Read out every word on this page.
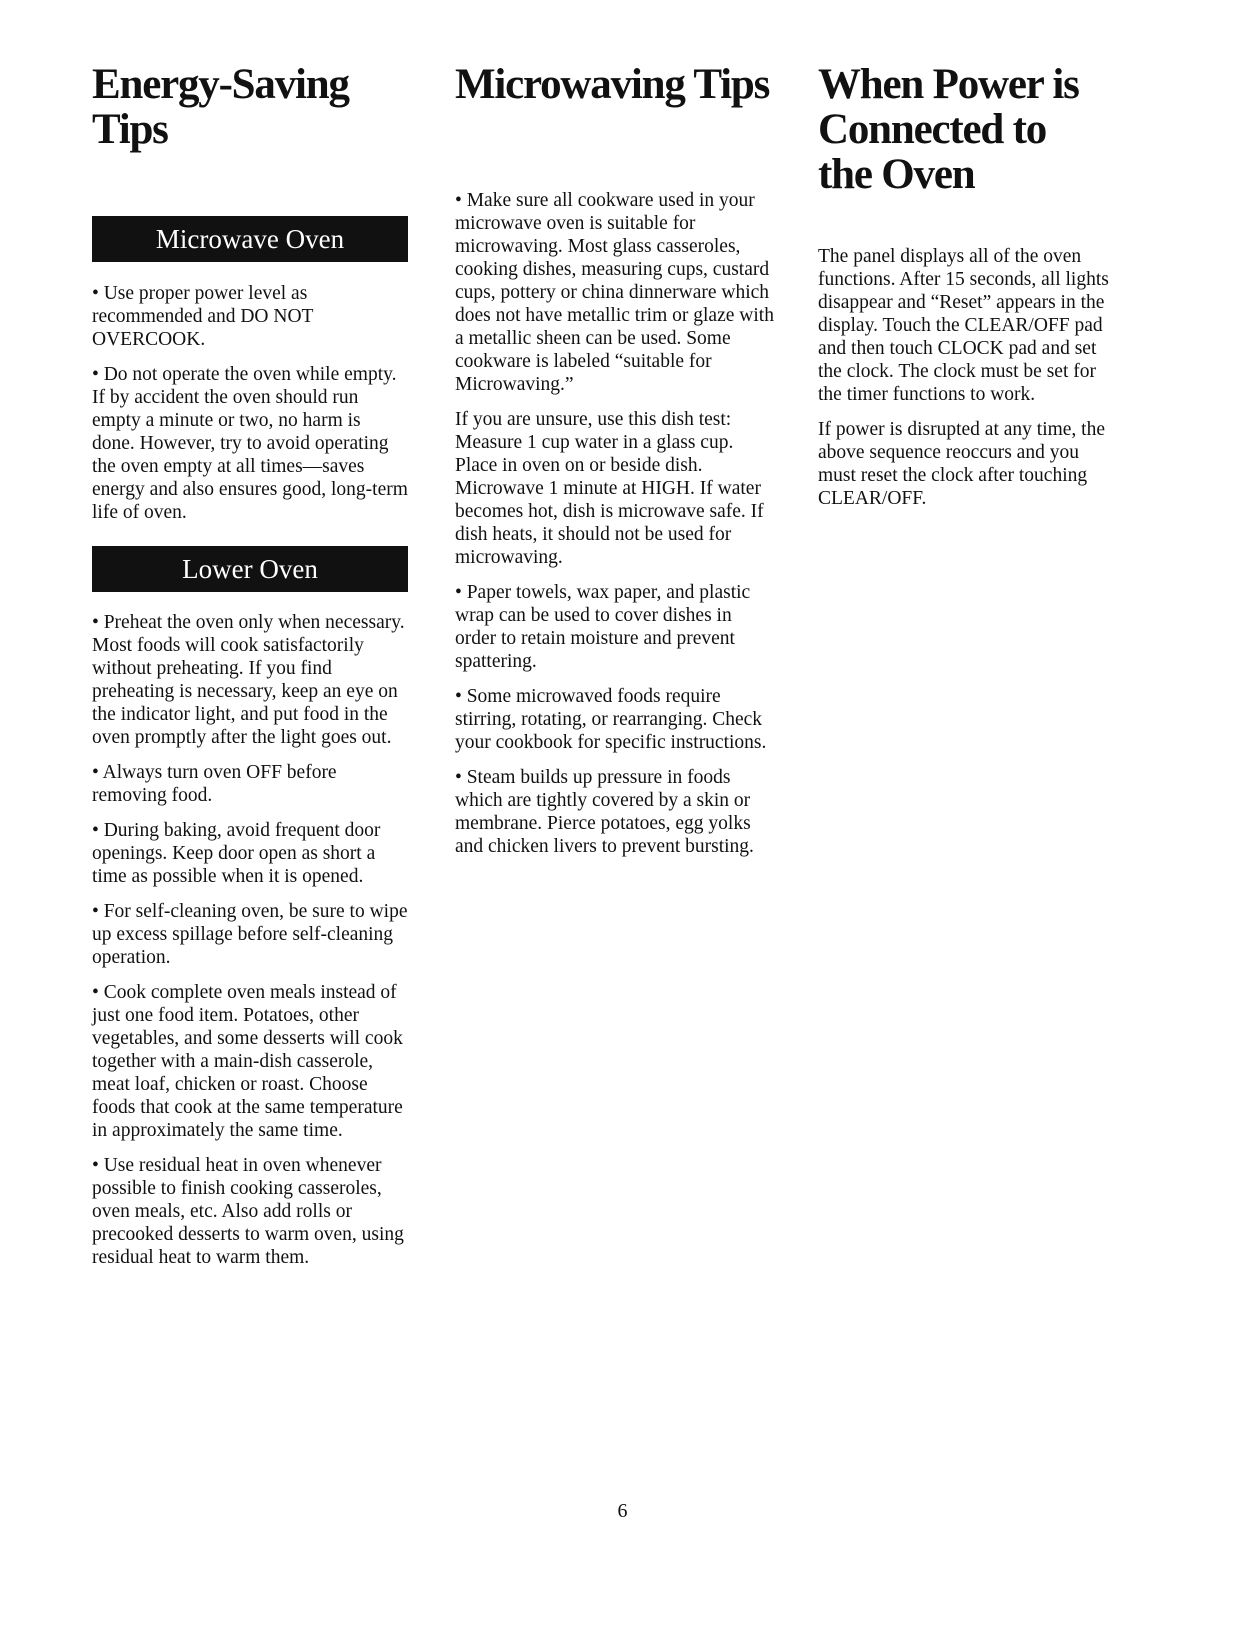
Energy-Saving Tips
Microwave Oven

• Use proper power level as recommended and DO NOT OVERCOOK.

• Do not operate the oven while empty. If by accident the oven should run empty a minute or two, no harm is done. However, try to avoid operating the oven empty at all times—saves energy and also ensures good, long-term life of oven.

Lower Oven

• Preheat the oven only when necessary. Most foods will cook satisfactorily without preheating. If you find preheating is necessary, keep an eye on the indicator light, and put food in the oven promptly after the light goes out.

• Always turn oven OFF before removing food.

• During baking, avoid frequent door openings. Keep door open as short a time as possible when it is opened.

• For self-cleaning oven, be sure to wipe up excess spillage before self-cleaning operation.

• Cook complete oven meals instead of just one food item. Potatoes, other vegetables, and some desserts will cook together with a main-dish casserole, meat loaf, chicken or roast. Choose foods that cook at the same temperature in approximately the same time.

• Use residual heat in oven whenever possible to finish cooking casseroles, oven meals, etc. Also add rolls or precooked desserts to warm oven, using residual heat to warm them.

Microwaving Tips

• Make sure all cookware used in your microwave oven is suitable for microwaving. Most glass casseroles, cooking dishes, measuring cups, custard cups, pottery or china dinnerware which does not have metallic trim or glaze with a metallic sheen can be used. Some cookware is labeled “suitable for Microwaving.”

If you are unsure, use this dish test: Measure 1 cup water in a glass cup. Place in oven on or beside dish. Microwave 1 minute at HIGH. If water becomes hot, dish is microwave safe. If dish heats, it should not be used for microwaving.

• Paper towels, wax paper, and plastic wrap can be used to cover dishes in order to retain moisture and prevent spattering.

• Some microwaved foods require stirring, rotating, or rearranging. Check your cookbook for specific instructions.

• Steam builds up pressure in foods which are tightly covered by a skin or membrane. Pierce potatoes, egg yolks and chicken livers to prevent bursting.

When Power is
Connected to
the Oven

The panel displays all of the oven functions. After 15 seconds, all lights disappear and “Reset” appears in the display. Touch the CLEAR/OFF pad and then touch CLOCK pad and set the clock. The clock must be set for the timer functions to work.

If power is disrupted at any time, the above sequence reoccurs and you must reset the clock after touching CLEAR/OFF.

6
